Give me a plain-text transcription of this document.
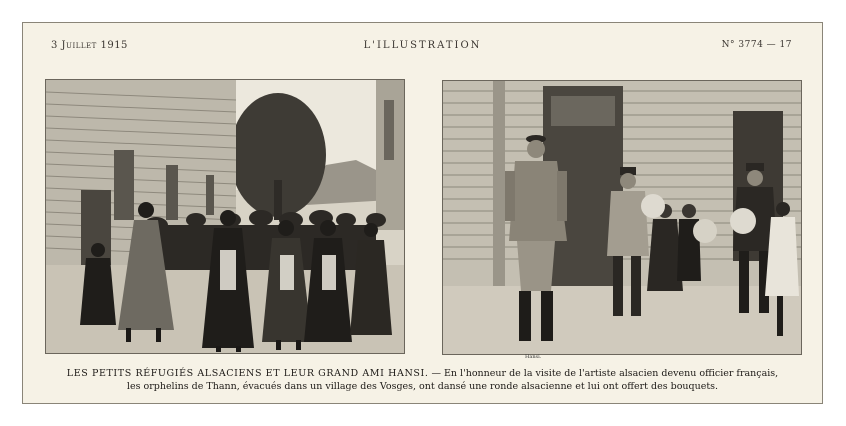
3 Juillet 1915	L'ILLUSTRATION	N° 3774 — 17
Hansi.
LES PETITS RÉFUGIÉS ALSACIENS ET LEUR GRAND AMI HANSI. — En l'honneur de la visite de l'artiste alsacien devenu officier français,
les orphelins de Thann, évacués dans un village des Vosges, ont dansé une ronde alsacienne et lui ont offert des bouquets.
